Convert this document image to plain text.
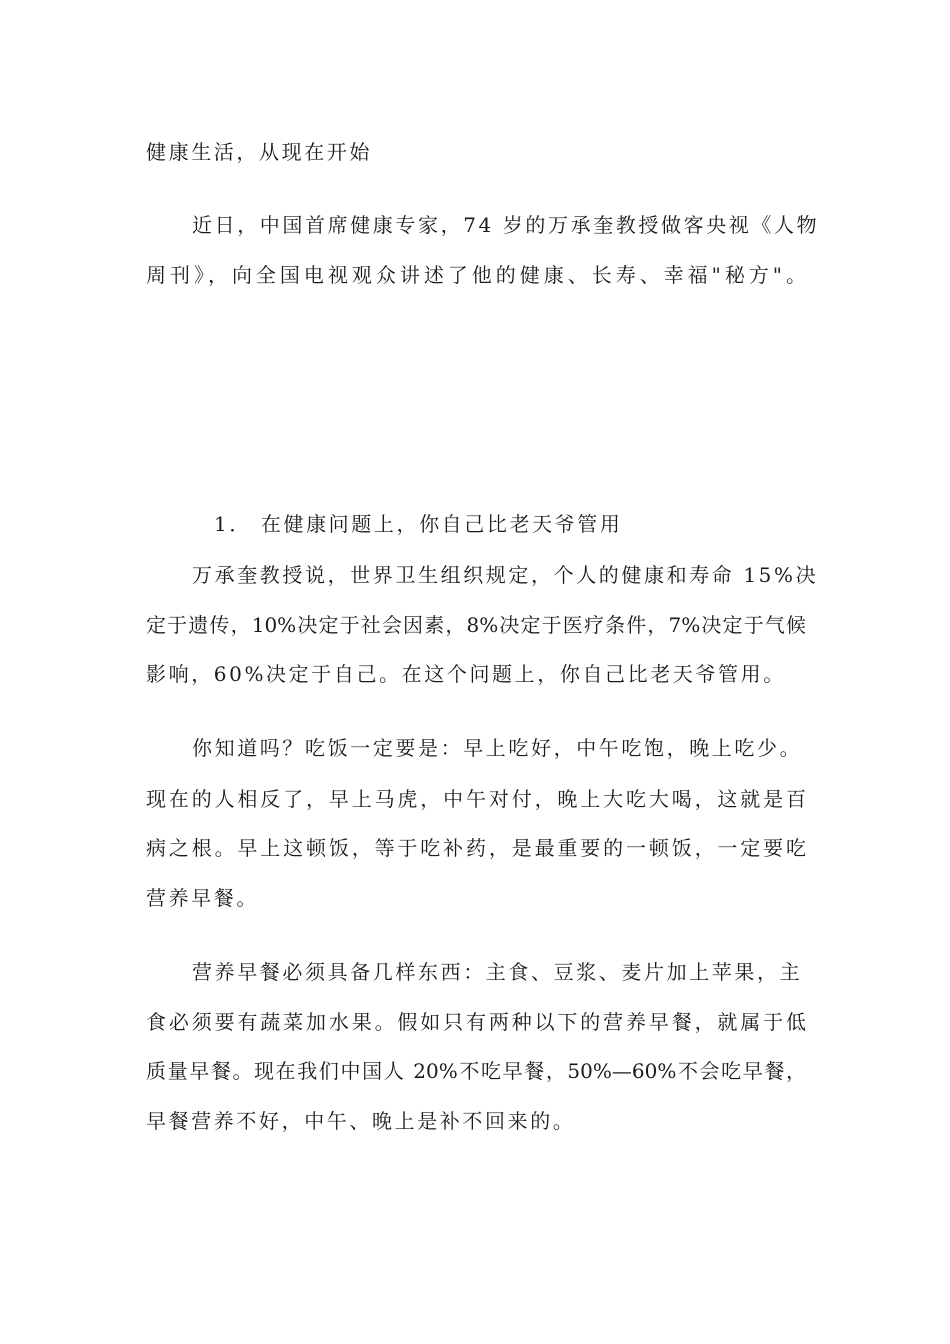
健康生活，从现在开始
近日，中国首席健康专家，74 岁的万承奎教授做客央视《人物
周刊》，向全国电视观众讲述了他的健康、长寿、幸福"秘方"。
1． 在健康问题上，你自己比老天爷管用
万承奎教授说，世界卫生组织规定，个人的健康和寿命 15%决
定于遗传，10%决定于社会因素，8%决定于医疗条件，7%决定于气候
影响，60%决定于自己。在这个问题上，你自己比老天爷管用。
你知道吗？吃饭一定要是：早上吃好，中午吃饱，晚上吃少。
现在的人相反了，早上马虎，中午对付，晚上大吃大喝，这就是百
病之根。早上这顿饭，等于吃补药，是最重要的一顿饭，一定要吃
营养早餐。
营养早餐必须具备几样东西：主食、豆浆、麦片加上苹果，主
食必须要有蔬菜加水果。假如只有两种以下的营养早餐，就属于低
质量早餐。现在我们中国人 20%不吃早餐，50%—60%不会吃早餐，
早餐营养不好，中午、晚上是补不回来的。
